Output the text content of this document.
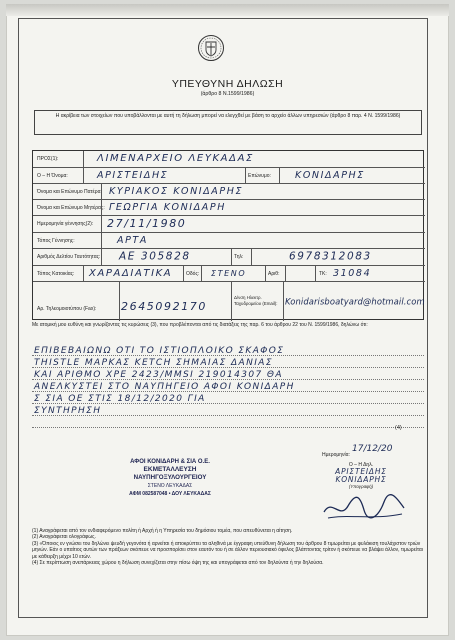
ΥΠΕΥΘΥΝΗ ΔΗΛΩΣΗ
(άρθρο 8 Ν.1599/1986)
Η ακρίβεια των στοιχείων που υποβάλλονται με αυτή τη δήλωση μπορεί να ελεγχθεί με βάση το αρχείο άλλων υπηρεσιών (άρθρο 8 παρ. 4 Ν. 1599/1986)
ΠΡΟΣ(1):	ΛΙΜΕΝΑΡΧΕΙΟ ΛΕΥΚΑΔΑΣ
Ο – Η Όνομα:	ΑΡΙΣΤΕΙΔΗΣ	Επώνυμο:	ΚΟΝΙΔΑΡΗΣ
Όνομα και Επώνυμο Πατέρα: ΚΥΡΙΑΚΟΣ ΚΟΝΙΔΑΡΗΣ
Όνομα και Επώνυμο Μητέρας: ΓΕΩΡΓΙΑ ΚΟΝΙΔΑΡΗ
Ημερομηνία γέννησης(2): 27/11/1980
Τόπος Γέννησης:	ΑΡΤΑ
Αριθμός Δελτίου Ταυτότητας: ΑΕ 305828	Τηλ:	6978312083
Τόπος Κατοικίας: ΧΑΡΑΔΙΑΤΙΚΑ	Οδός: ΣΤΕΝΟ	Αριθ:	ΤΚ: 31084
Αρ. Τηλεομοιοτύπου (Fax): 2645092170
Δ/νση Ηλεκτρ. Ταχυδρομείου (Email): Konidarisboatyard@hotmail.com
Με ατομική μου ευθύνη και γνωρίζοντας τις κυρώσεις (3), που προβλέπονται από τις διατάξεις της παρ. 6 του άρθρου 22 του Ν. 1599/1986, δηλώνω ότι:
ΕΠΙΒΕΒΑΙΩΝΩ ΟΤΙ ΤΟ ΙΣΤΙΟΠΛΟΙΚΟ ΣΚΑΦΟΣ
THISTLE ΜΑΡΚΑΣ KETCH ΣΗΜΑΙΑΣ ΔΑΝΙΑΣ
ΚΑΙ ΑΡΙΘΜΟ XPE 2423/MMSI 219014307 ΘΑ
ΑΝΕΛΚΥΣΤΕΙ ΣΤΟ ΝΑΥΠΗΓΕΙΟ ΑΦΟΙ ΚΟΝΙΔΑΡΗ
Σ ΣΙΑ ΟΕ ΣΤΙΣ 18/12/2020 ΓΙΑ
ΣΥΝΤΗΡΗΣΗ
(4)
Ημερομηνία:
17/12/20
ΑΦΟΙ ΚΟΝΙΔΑΡΗ & ΣΙΑ Ο.Ε.
ΕΚΜΕΤΑΛΛΕΥΣΗ
ΝΑΥΠΗΓΟΞΥΛΟΥΡΓΕΙΟΥ
ΣΤΕΝΟ ΛΕΥΚΑΔΑΣ
ΑΦΜ 082587048 • ΔΟΥ ΛΕΥΚΑΔΑΣ
Ο – Η Δηλ.
ΑΡΙΣΤΕΙΔΗΣ
ΚΟΝΙΔΑΡΗΣ
(Υπογραφή)
(1) Αναγράφεται από τον ενδιαφερόμενο πολίτη ή Αρχή ή η Υπηρεσία του δημόσιου τομέα, που απευθύνεται η αίτηση.
(2) Αναγράφεται ολογράφως.
(3) «Όποιος εν γνώσει του δηλώνει ψευδή γεγονότα ή αρνείται ή αποκρύπτει τα αληθινά με έγγραφη υπεύθυνη δήλωση του άρθρου 8 τιμωρείται με φυλάκιση τουλάχιστον τριών μηνών. Εάν ο υπαίτιος αυτών των πράξεων σκόπευε να προσπορίσει στον εαυτόν του ή σε άλλον περιουσιακό όφελος βλάπτοντας τρίτον ή σκόπευε να βλάψει άλλον, τιμωρείται με κάθειρξη μέχρι 10 ετών.
(4) Σε περίπτωση ανεπάρκειας χώρου η δήλωση συνεχίζεται στην πίσω όψη της και υπογράφεται από τον δηλούντα ή την δηλούσα.
